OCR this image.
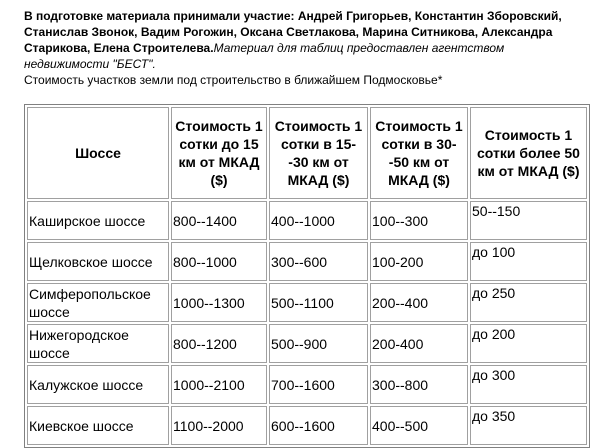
В подготовке материала принимали участие: Андрей Григорьев, Константин Зборовский, Станислав Звонок, Вадим Рогожин, Оксана Светлакова, Марина Ситникова, Александра Старикова, Елена Строителева.Материал для таблиц предоставлен агентством недвижимости "БЕСТ".
Стоимость участков земли под строительство в ближайшем Подмосковье*
Шоссе	Стоимость 1 сотки до 15 км от МКАД ($)	Стоимость 1 сотки в 15--30 км от МКАД ($)	Стоимость 1 сотки в 30--50 км от МКАД ($)	Стоимость 1 сотки более 50 км от МКАД ($)
Каширское шоссе	800--1400	400--1000	100--300	50--150
Щелковское шоссе	800--1000	300--600	100-200	до 100
Симферопольское шоссе	1000--1300	500--1100	200--400	до 250
Нижегородское шоссе	800--1200	500--900	200-400	до 200
Калужское шоссе	1000--2100	700--1600	300--800	до 300
Киевское шоссе	1100--2000	600--1600	400--500	до 350
